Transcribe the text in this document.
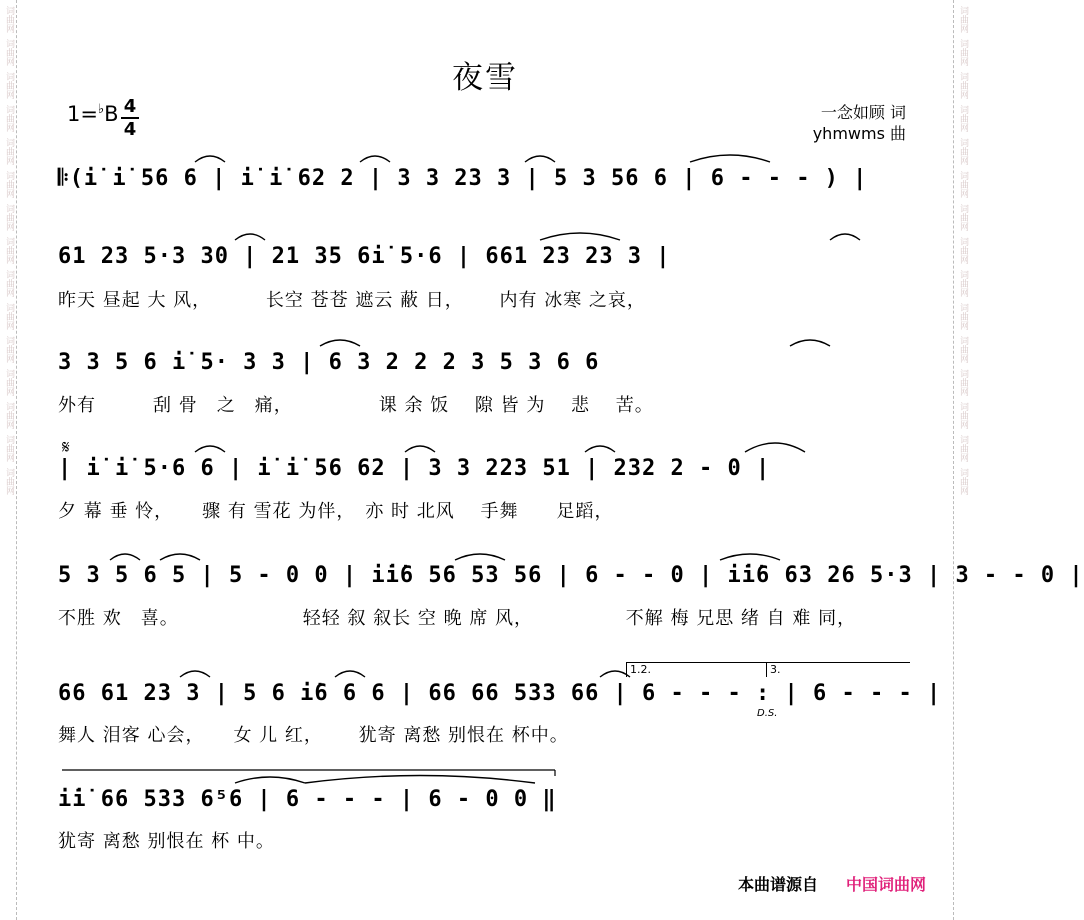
词曲网
词曲网
词曲网
词曲网
词曲网
词曲网
词曲网
词曲网
词曲网
词曲网
词曲网
词曲网
词曲网
词曲网
词曲网
词曲网
词曲网
词曲网
词曲网
词曲网
词曲网
词曲网
词曲网
词曲网
词曲网
词曲网
词曲网
词曲网
词曲网
词曲网
夜雪
1=♭B 4
4
一念如顾 词
yhmwms 曲
𝄆(i̇ i̇ 56 6 | i̇ i̇ 62 2 | 3 3 23 3 | 5 3 56 6 | 6 - - - ) |
61 23 5·3 30 | 21 35 6i̇ 5·6 | 661 23 23 3 |
昨天 昼起 大 风，　　　 长空 苍苍 遮云 蔽 日，　　 内有 冰寒 之哀，
3 3 5 6 i̇ 5· 3 3 | 6 3 2 2 2 3 5 3 6 6
外有　　　刮 骨　之　痛，　　　　　课 余 饭　 隙 皆 为　 悲　 苦。
𝄋
| i̇ i̇ 5·6 6 | i̇ i̇ 56 62 | 3 3 223 51 | 232 2 - 0 |
夕 幕 垂 怜，　　骤 有 雪花 为伴，　亦 时 北风　 手舞　　足蹈，
5 3 5 6 5 | 5 - 0 0 | i̇i̇6 56 53 56 | 6 - - 0 | i̇i̇6 63 26 5·3 | 3 - - 0 |
不胜 欢　喜。　　　　　　　轻轻 叙 叙长 空 晚 席 风，　　　　　 不解 梅 兄思 绪 自 难 同，
1.2.	3.
66 61 23 3 | 5 6 i̇6 6 6 | 66 66 533 66 | 6 - - - : | 6 - - - |
D.S.
舞人 泪客 心会，　　女 儿 红，　　 犹寄 离愁 别恨在 杯中。
i̇i̇ 66 533 6⁵6 | 6 - - - | 6 - 0 0 ‖
犹寄 离愁 别恨在 杯 中。
本曲谱源自 中国词曲网
